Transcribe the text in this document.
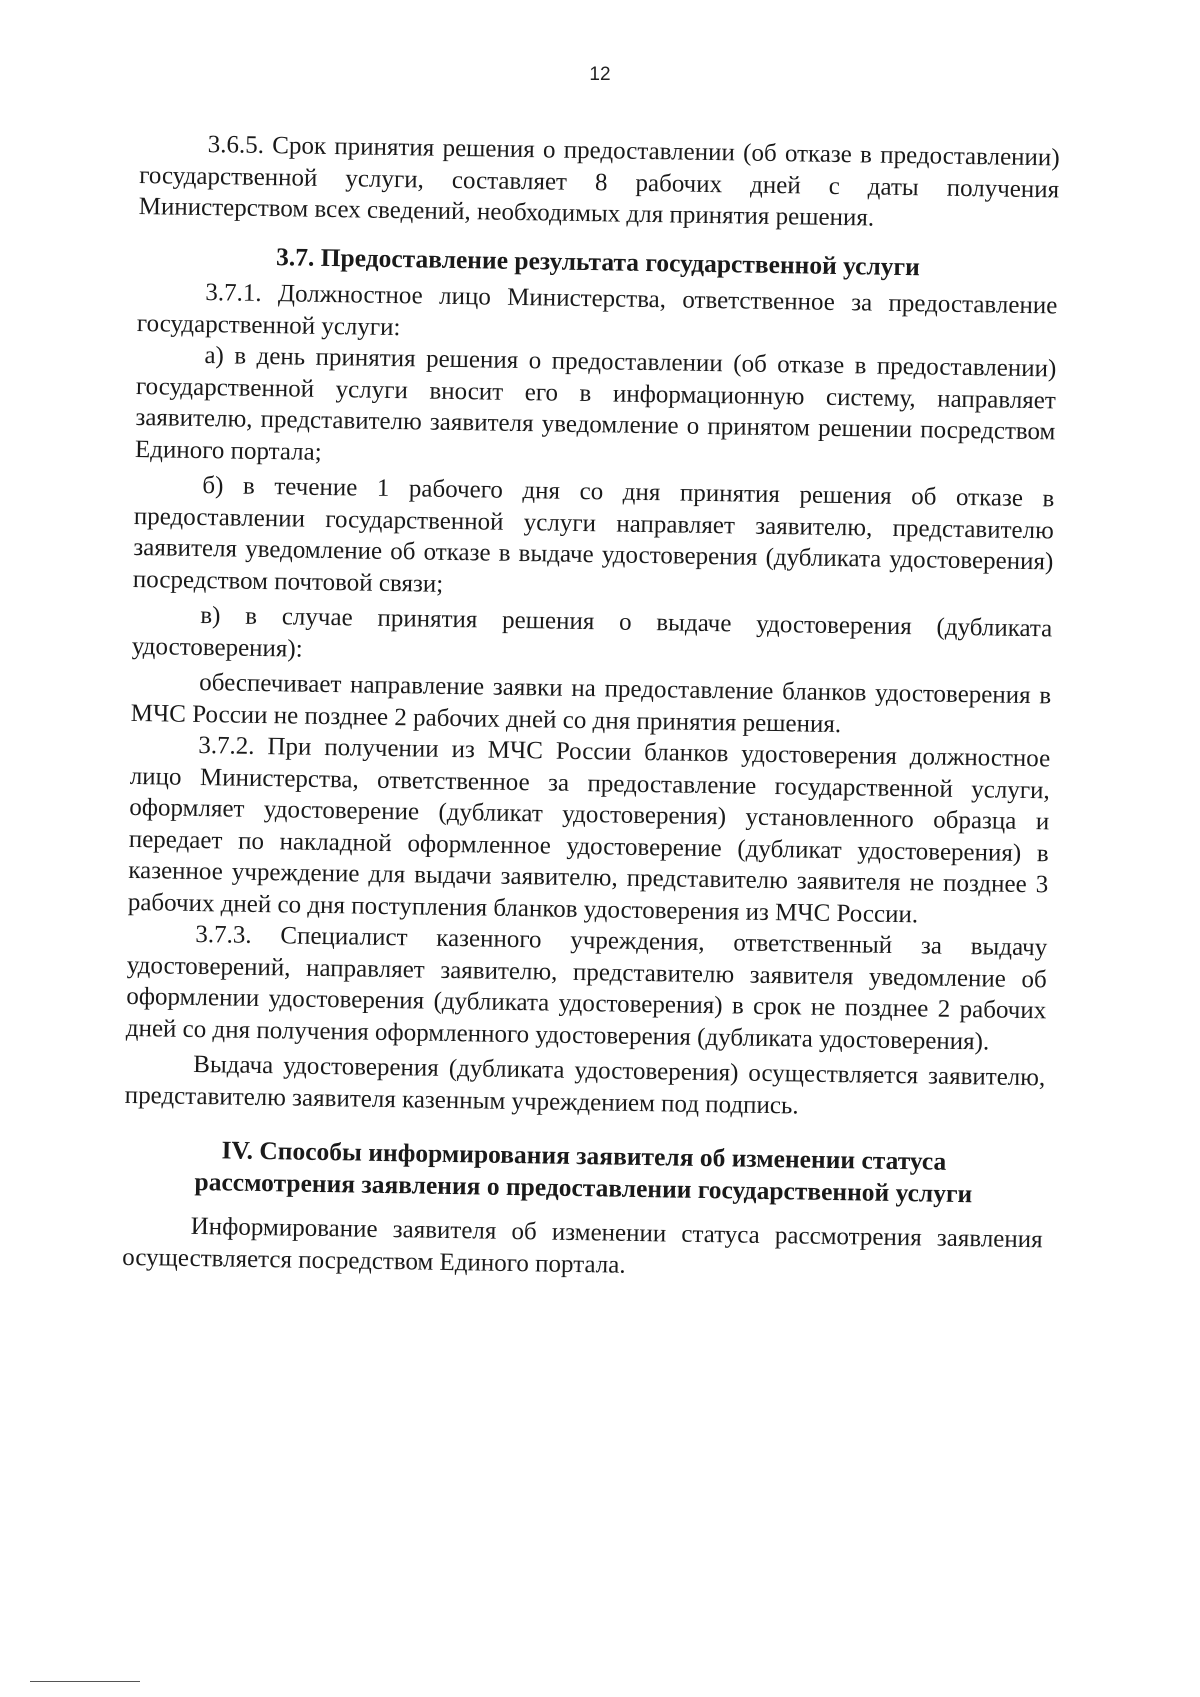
12

3.6.5. Срок принятия решения о предоставлении (об отказе в предоставлении) государственной услуги, составляет 8 рабочих дней с даты получения Министерством всех сведений, необходимых для принятия решения.

3.7. Предоставление результата государственной услуги

3.7.1. Должностное лицо Министерства, ответственное за предоставление государственной услуги:

а) в день принятия решения о предоставлении (об отказе в предоставлении) государственной услуги вносит его в информационную систему, направляет заявителю, представителю заявителя уведомление о принятом решении посредством Единого портала;

б) в течение 1 рабочего дня со дня принятия решения об отказе в предоставлении государственной услуги направляет заявителю, представителю заявителя уведомление об отказе в выдаче удостоверения (дубликата удостоверения) посредством почтовой связи;

в) в случае принятия решения о выдаче удостоверения (дубликата удостоверения):

обеспечивает направление заявки на предоставление бланков удостоверения в МЧС России не позднее 2 рабочих дней со дня принятия решения.

3.7.2. При получении из МЧС России бланков удостоверения должностное лицо Министерства, ответственное за предоставление государственной услуги, оформляет удостоверение (дубликат удостоверения) установленного образца и передает по накладной оформленное удостоверение (дубликат удостоверения) в казенное учреждение для выдачи заявителю, представителю заявителя не позднее 3 рабочих дней со дня поступления бланков удостоверения из МЧС России.

3.7.3. Специалист казенного учреждения, ответственный за выдачу удостоверений, направляет заявителю, представителю заявителя уведомление об оформлении удостоверения (дубликата удостоверения) в срок не позднее 2 рабочих дней со дня получения оформленного удостоверения (дубликата удостоверения).

Выдача удостоверения (дубликата удостоверения) осуществляется заявителю, представителю заявителя казенным учреждением под подпись.

IV. Способы информирования заявителя об изменении статуса

рассмотрения заявления о предоставлении государственной услуги

Информирование заявителя об изменении статуса рассмотрения заявления осуществляется посредством Единого портала.
